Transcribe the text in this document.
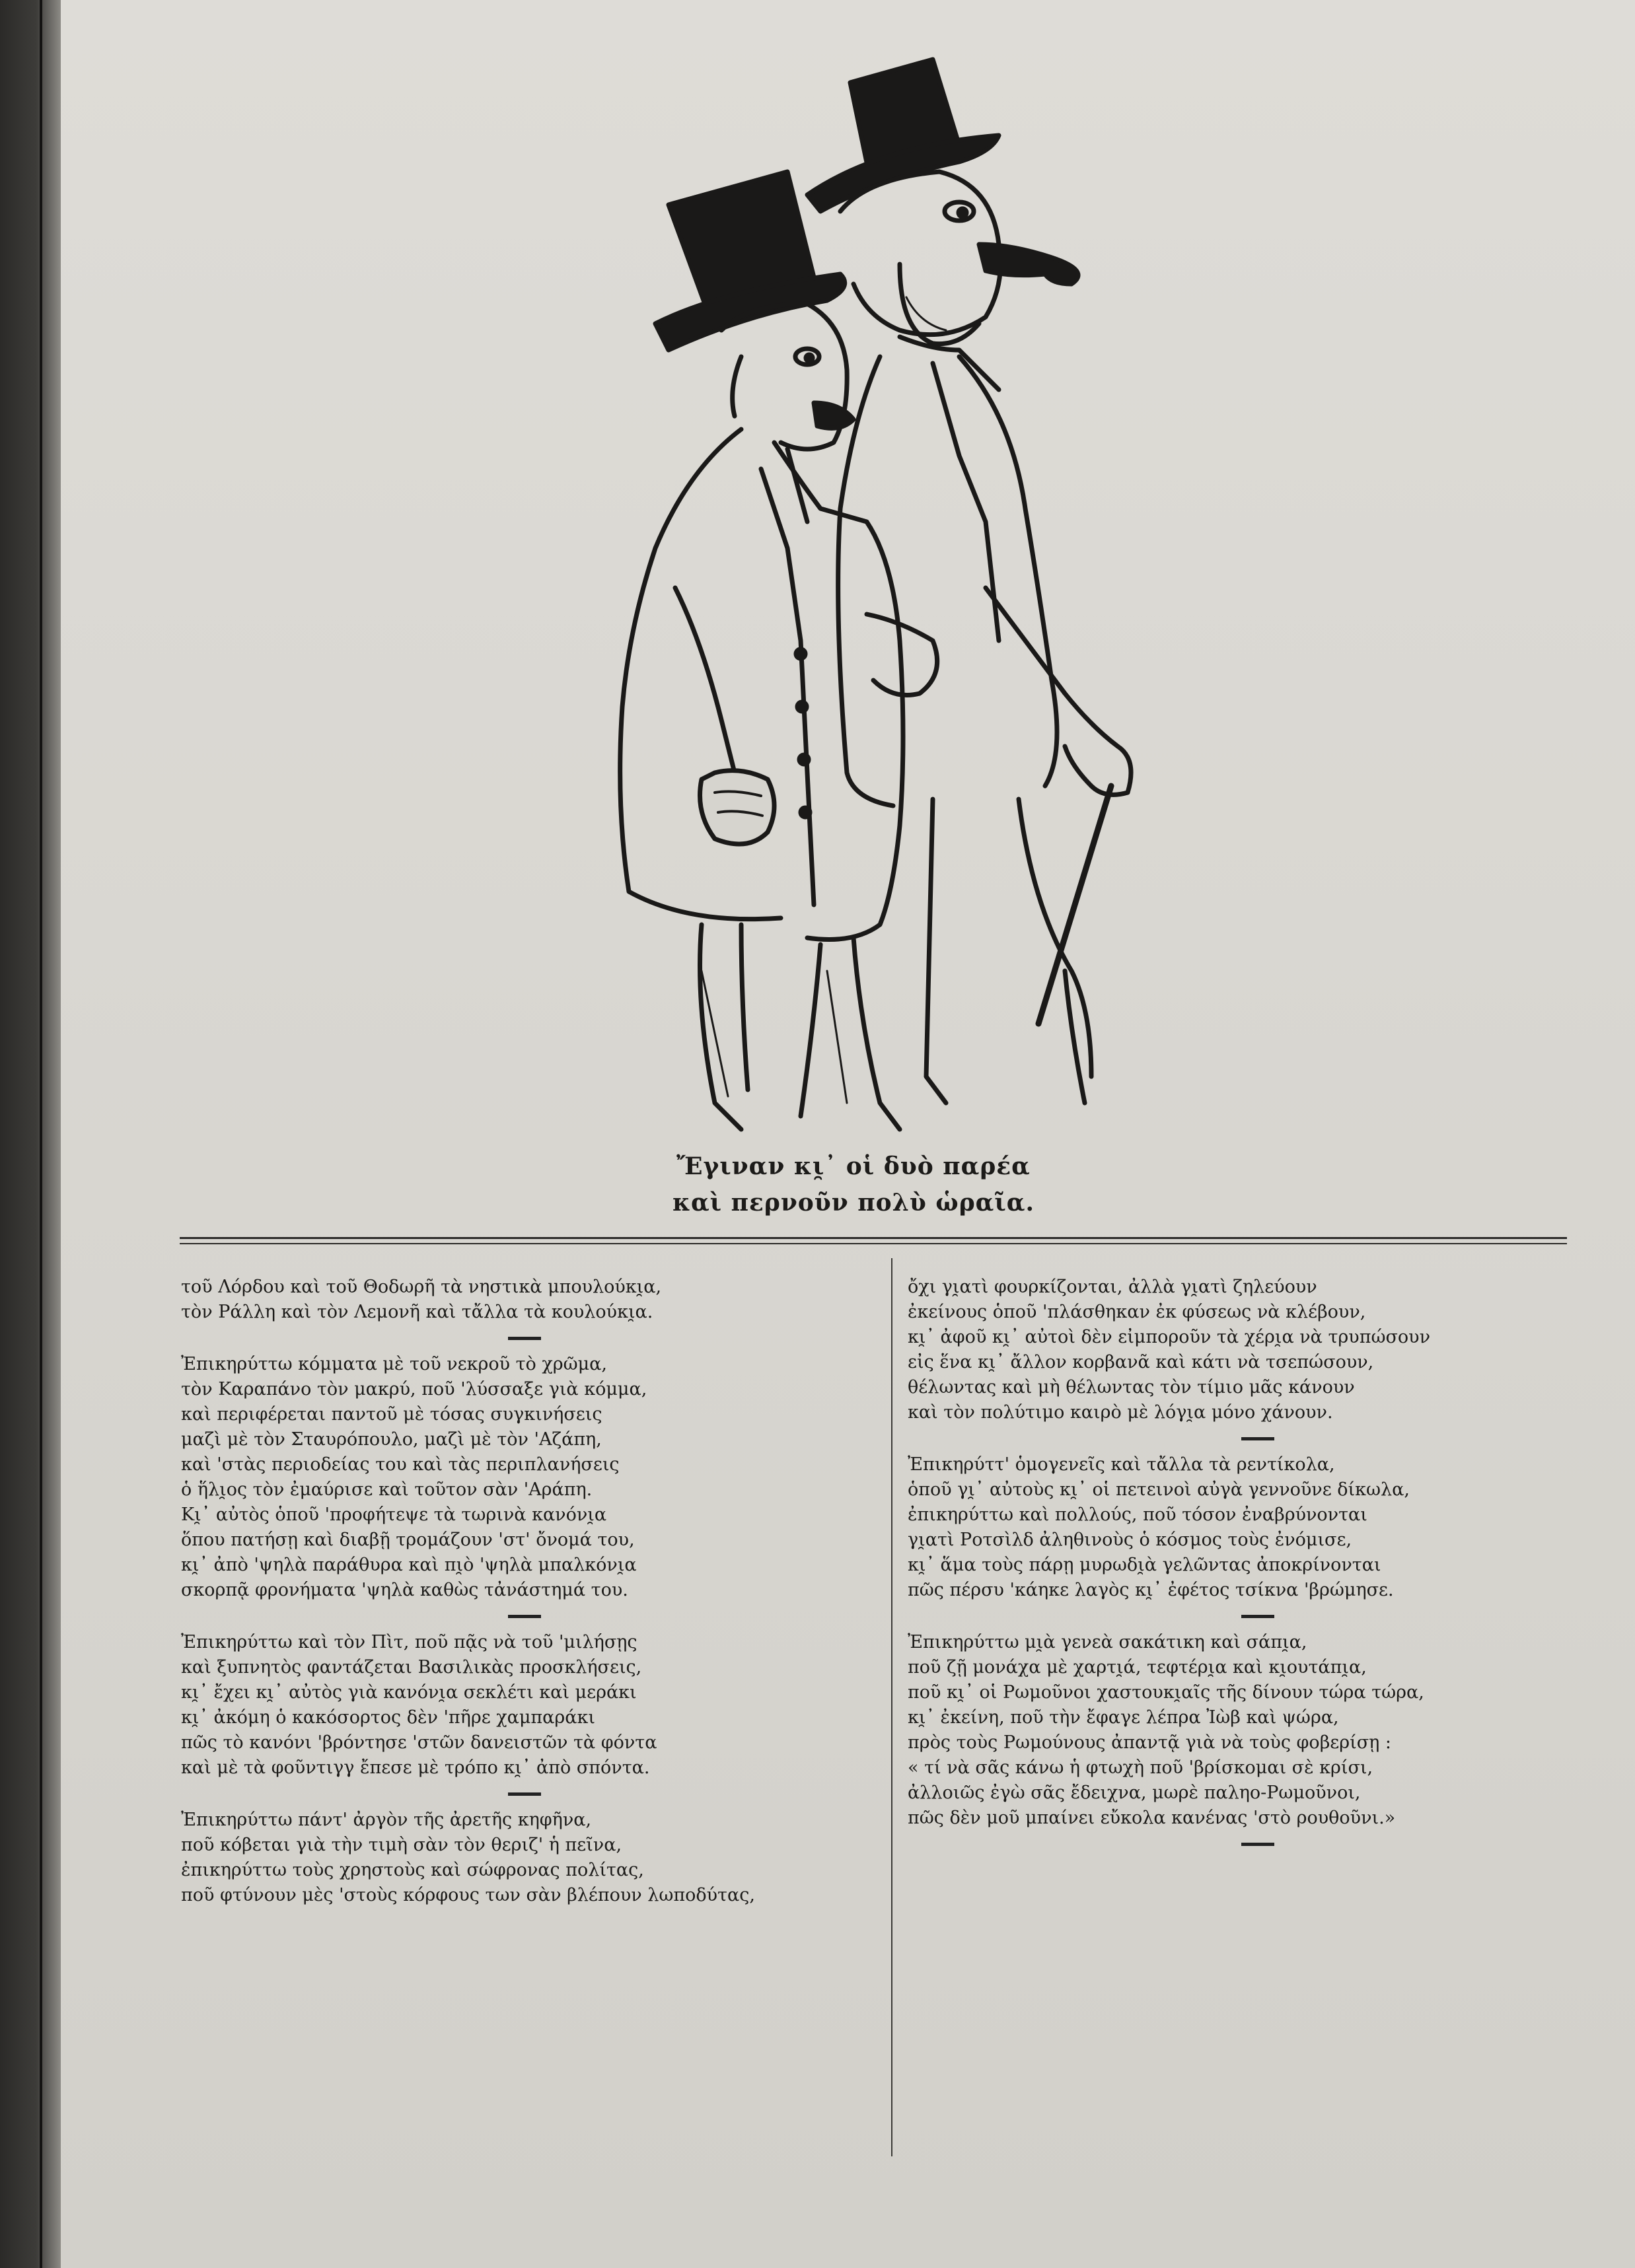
Ἔγιναν κι̯᾽ οἱ δυὸ παρέα
καὶ περνοῦν πολὺ ὡραῖα.
τοῦ Λόρδου καὶ τοῦ Θοδωρῆ τὰ νηστικὰ μπουλούκι̯α,
τὸν Ράλλη καὶ τὸν Λεμονῆ καὶ τἄλλα τὰ κουλούκι̯α.
Ἐπικηρύττω κόμματα μὲ τοῦ νεκροῦ τὸ χρῶμα,
τὸν Καραπάνο τὸν μακρύ, ποῦ 'λύσσαξε γιὰ κόμμα,
καὶ περιφέρεται παντοῦ μὲ τόσας συγκινήσεις
μαζὶ μὲ τὸν Σταυρόπουλο, μαζὶ μὲ τὸν 'Αζάπη,
καὶ 'στὰς περιοδείας του καὶ τὰς περιπλανήσεις
ὁ ἥλι̯ος τὸν ἐμαύρισε καὶ τοῦτον σὰν 'Αράπη.
Κι̯᾽ αὐτὸς ὁποῦ 'προφήτεψε τὰ τωρινὰ κανόνι̯α
ὅπου πατήσῃ καὶ διαβῇ τρομάζουν 'στ' ὄνομά του,
κι̯᾽ ἀπὸ 'ψηλὰ παράθυρα καὶ πι̯ὸ 'ψηλὰ μπαλκόνι̯α
σκορπᾷ φρονήματα 'ψηλὰ καθὼς τἀνάστημά του.
Ἐπικηρύττω καὶ τὸν Πὶτ, ποῦ πᾷς νὰ τοῦ 'μιλήσῃς
καὶ ξυπνητὸς φαντάζεται Βασιλικὰς προσκλήσεις,
κι̯᾽ ἔχει κι̯᾽ αὐτὸς γιὰ κανόνι̯α σεκλέτι καὶ μεράκι
κι̯᾽ ἀκόμη ὁ κακόσορτος δὲν 'πῆρε χαμπαράκι
πῶς τὸ κανόνι 'βρόντησε 'στῶν δανειστῶν τὰ φόντα
καὶ μὲ τὰ φοῦντιγγ ἔπεσε μὲ τρόπο κι̯᾽ ἀπὸ σπόντα.
Ἐπικηρύττω πάντ' ἀργὸν τῆς ἀρετῆς κηφῆνα,
ποῦ κόβεται γιὰ τὴν τιμὴ σὰν τὸν θεριζ' ἡ πεῖνα,
ἐπικηρύττω τοὺς χρηστοὺς καὶ σώφρονας πολίτας,
ποῦ φτύνουν μὲς 'στοὺς κόρφους των σὰν βλέπουν λωποδύτας,
ὄχι γι̯ατὶ φουρκίζονται, ἀλλὰ γι̯ατὶ ζηλεύουν
ἐκείνους ὁποῦ 'πλάσθηκαν ἐκ φύσεως νὰ κλέβουν,
κι̯᾽ ἀφοῦ κι̯᾽ αὐτοὶ δὲν εἰμποροῦν τὰ χέρι̯α νὰ τρυπώσουν
εἰς ἕνα κι̯᾽ ἄλλον κορβανᾶ καὶ κάτι νὰ τσεπώσουν,
θέλωντας καὶ μὴ θέλωντας τὸν τίμιο μᾶς κάνουν
καὶ τὸν πολύτιμο καιρὸ μὲ λόγι̯α μόνο χάνουν.
Ἐπικηρύττ' ὁμογενεῖς καὶ τἄλλα τὰ ρεντίκολα,
ὁποῦ γι̯᾽ αὐτοὺς κι̯᾽ οἱ πετεινοὶ αὐγὰ γεννοῦνε δίκωλα,
ἐπικηρύττω καὶ πολλούς, ποῦ τόσον ἐναβρύνονται
γι̯ατὶ Ροτσὶλδ ἀληθινοὺς ὁ κόσμος τοὺς ἐνόμισε,
κι̯᾽ ἅμα τοὺς πάρῃ μυρωδι̯ὰ γελῶντας ἀποκρίνονται
πῶς πέρσυ 'κάηκε λαγὸς κι̯᾽ ἐφέτος τσίκνα 'βρώμησε.
Ἐπικηρύττω μι̯ὰ γενεὰ σακάτικη καὶ σάπι̯α,
ποῦ ζῇ μονάχα μὲ χαρτι̯ά, τεφτέρι̯α καὶ κι̯ουτάπι̯α,
ποῦ κι̯᾽ οἱ Ρωμοῦνοι χαστουκι̯αῖς τῆς δίνουν τώρα τώρα,
κι̯᾽ ἐκείνη, ποῦ τὴν ἔφαγε λέπρα Ἰὼβ καὶ ψώρα,
πρὸς τοὺς Ρωμούνους ἀπαντᾷ γιὰ νὰ τοὺς φοβερίσῃ :
« τί νὰ σᾶς κάνω ἡ φτωχὴ ποῦ 'βρίσκομαι σὲ κρίσι,
ἀλλοιῶς ἐγὼ σᾶς ἔδειχνα, μωρὲ παληο-Ρωμοῦνοι,
πῶς δὲν μοῦ μπαίνει εὔκολα κανένας 'στὸ ρουθοῦνι.»
